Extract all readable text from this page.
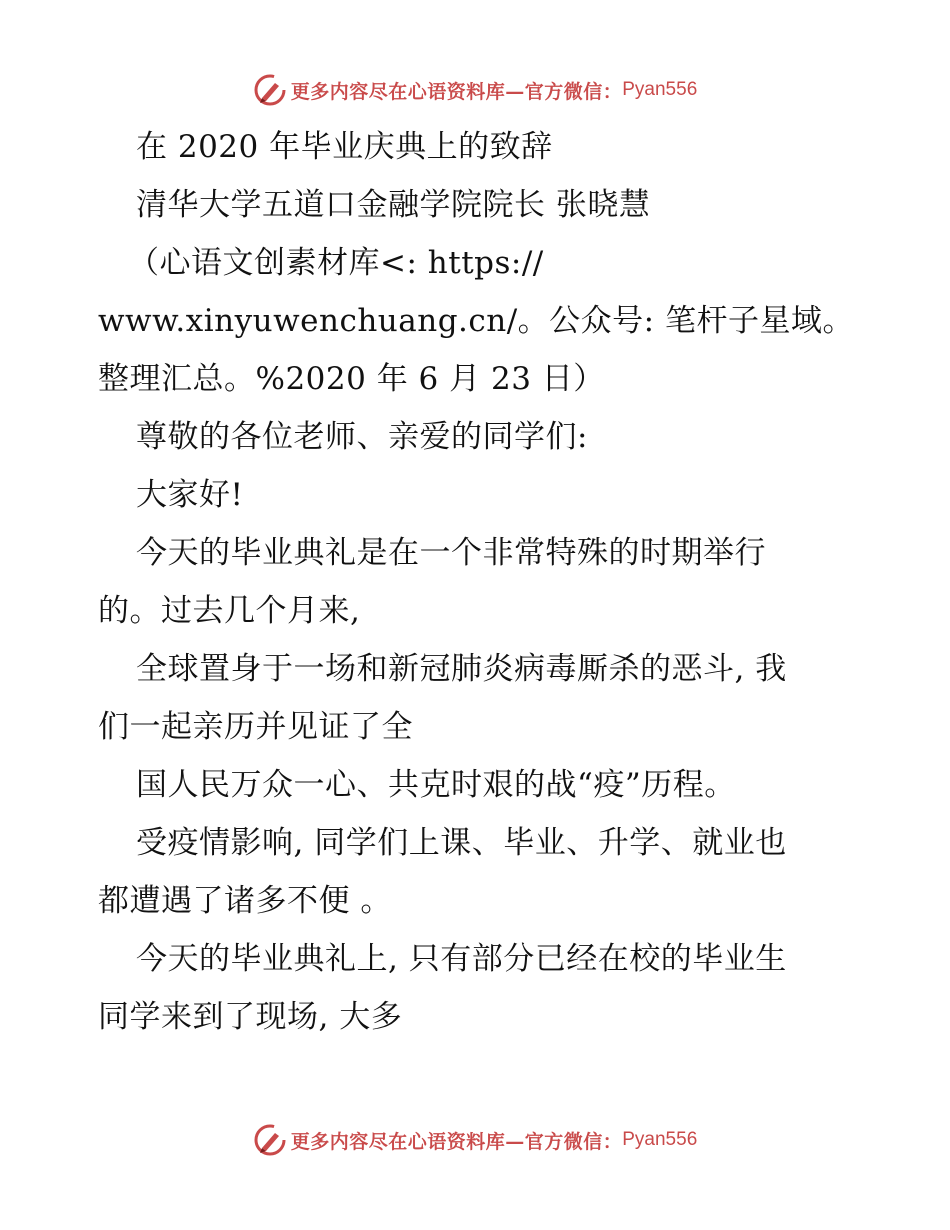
更多内容尽在心语资料库—官方微信： Pyan556
在 2020 年毕业庆典上的致辞
清华大学五道口金融学院院长 张晓慧
（心语文创素材库<: https://
www.xinyuwenchuang.cn/。公众号: 笔杆子星域。
整理汇总。%2020 年 6 月 23 日）
尊敬的各位老师、亲爱的同学们:
大家好!
今天的毕业典礼是在一个非常特殊的时期举行
的。过去几个月来,
全球置身于一场和新冠肺炎病毒厮杀的恶斗, 我
们一起亲历并见证了全
国人民万众一心、共克时艰的战“疫”历程。
受疫情影响, 同学们上课、毕业、升学、就业也
都遭遇了诸多不便 。
今天的毕业典礼上, 只有部分已经在校的毕业生
同学来到了现场, 大多
更多内容尽在心语资料库—官方微信： Pyan556
